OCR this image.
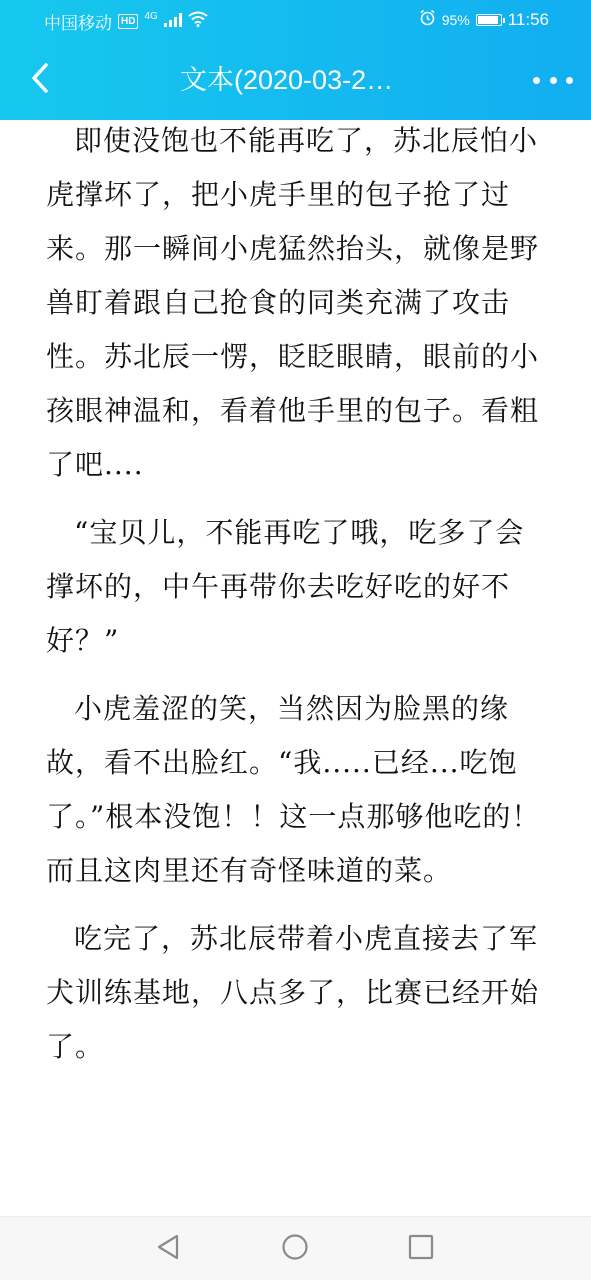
中国移动 HD 4G	95% 11:56
文本(2020-03-2…

即使没饱也不能再吃了，苏北辰怕小虎撑坏了，把小虎手里的包子抢了过来。那一瞬间小虎猛然抬头，就像是野兽盯着跟自己抢食的同类充满了攻击性。苏北辰一愣，眨眨眼睛，眼前的小孩眼神温和，看着他手里的包子。看粗了吧....

“宝贝儿，不能再吃了哦，吃多了会撑坏的，中午再带你去吃好吃的好不好？”

小虎羞涩的笑，当然因为脸黑的缘故，看不出脸红。“我.....已经...吃饱了。”根本没饱！！这一点那够他吃的！而且这肉里还有奇怪味道的菜。

吃完了，苏北辰带着小虎直接去了军犬训练基地，八点多了，比赛已经开始了。
